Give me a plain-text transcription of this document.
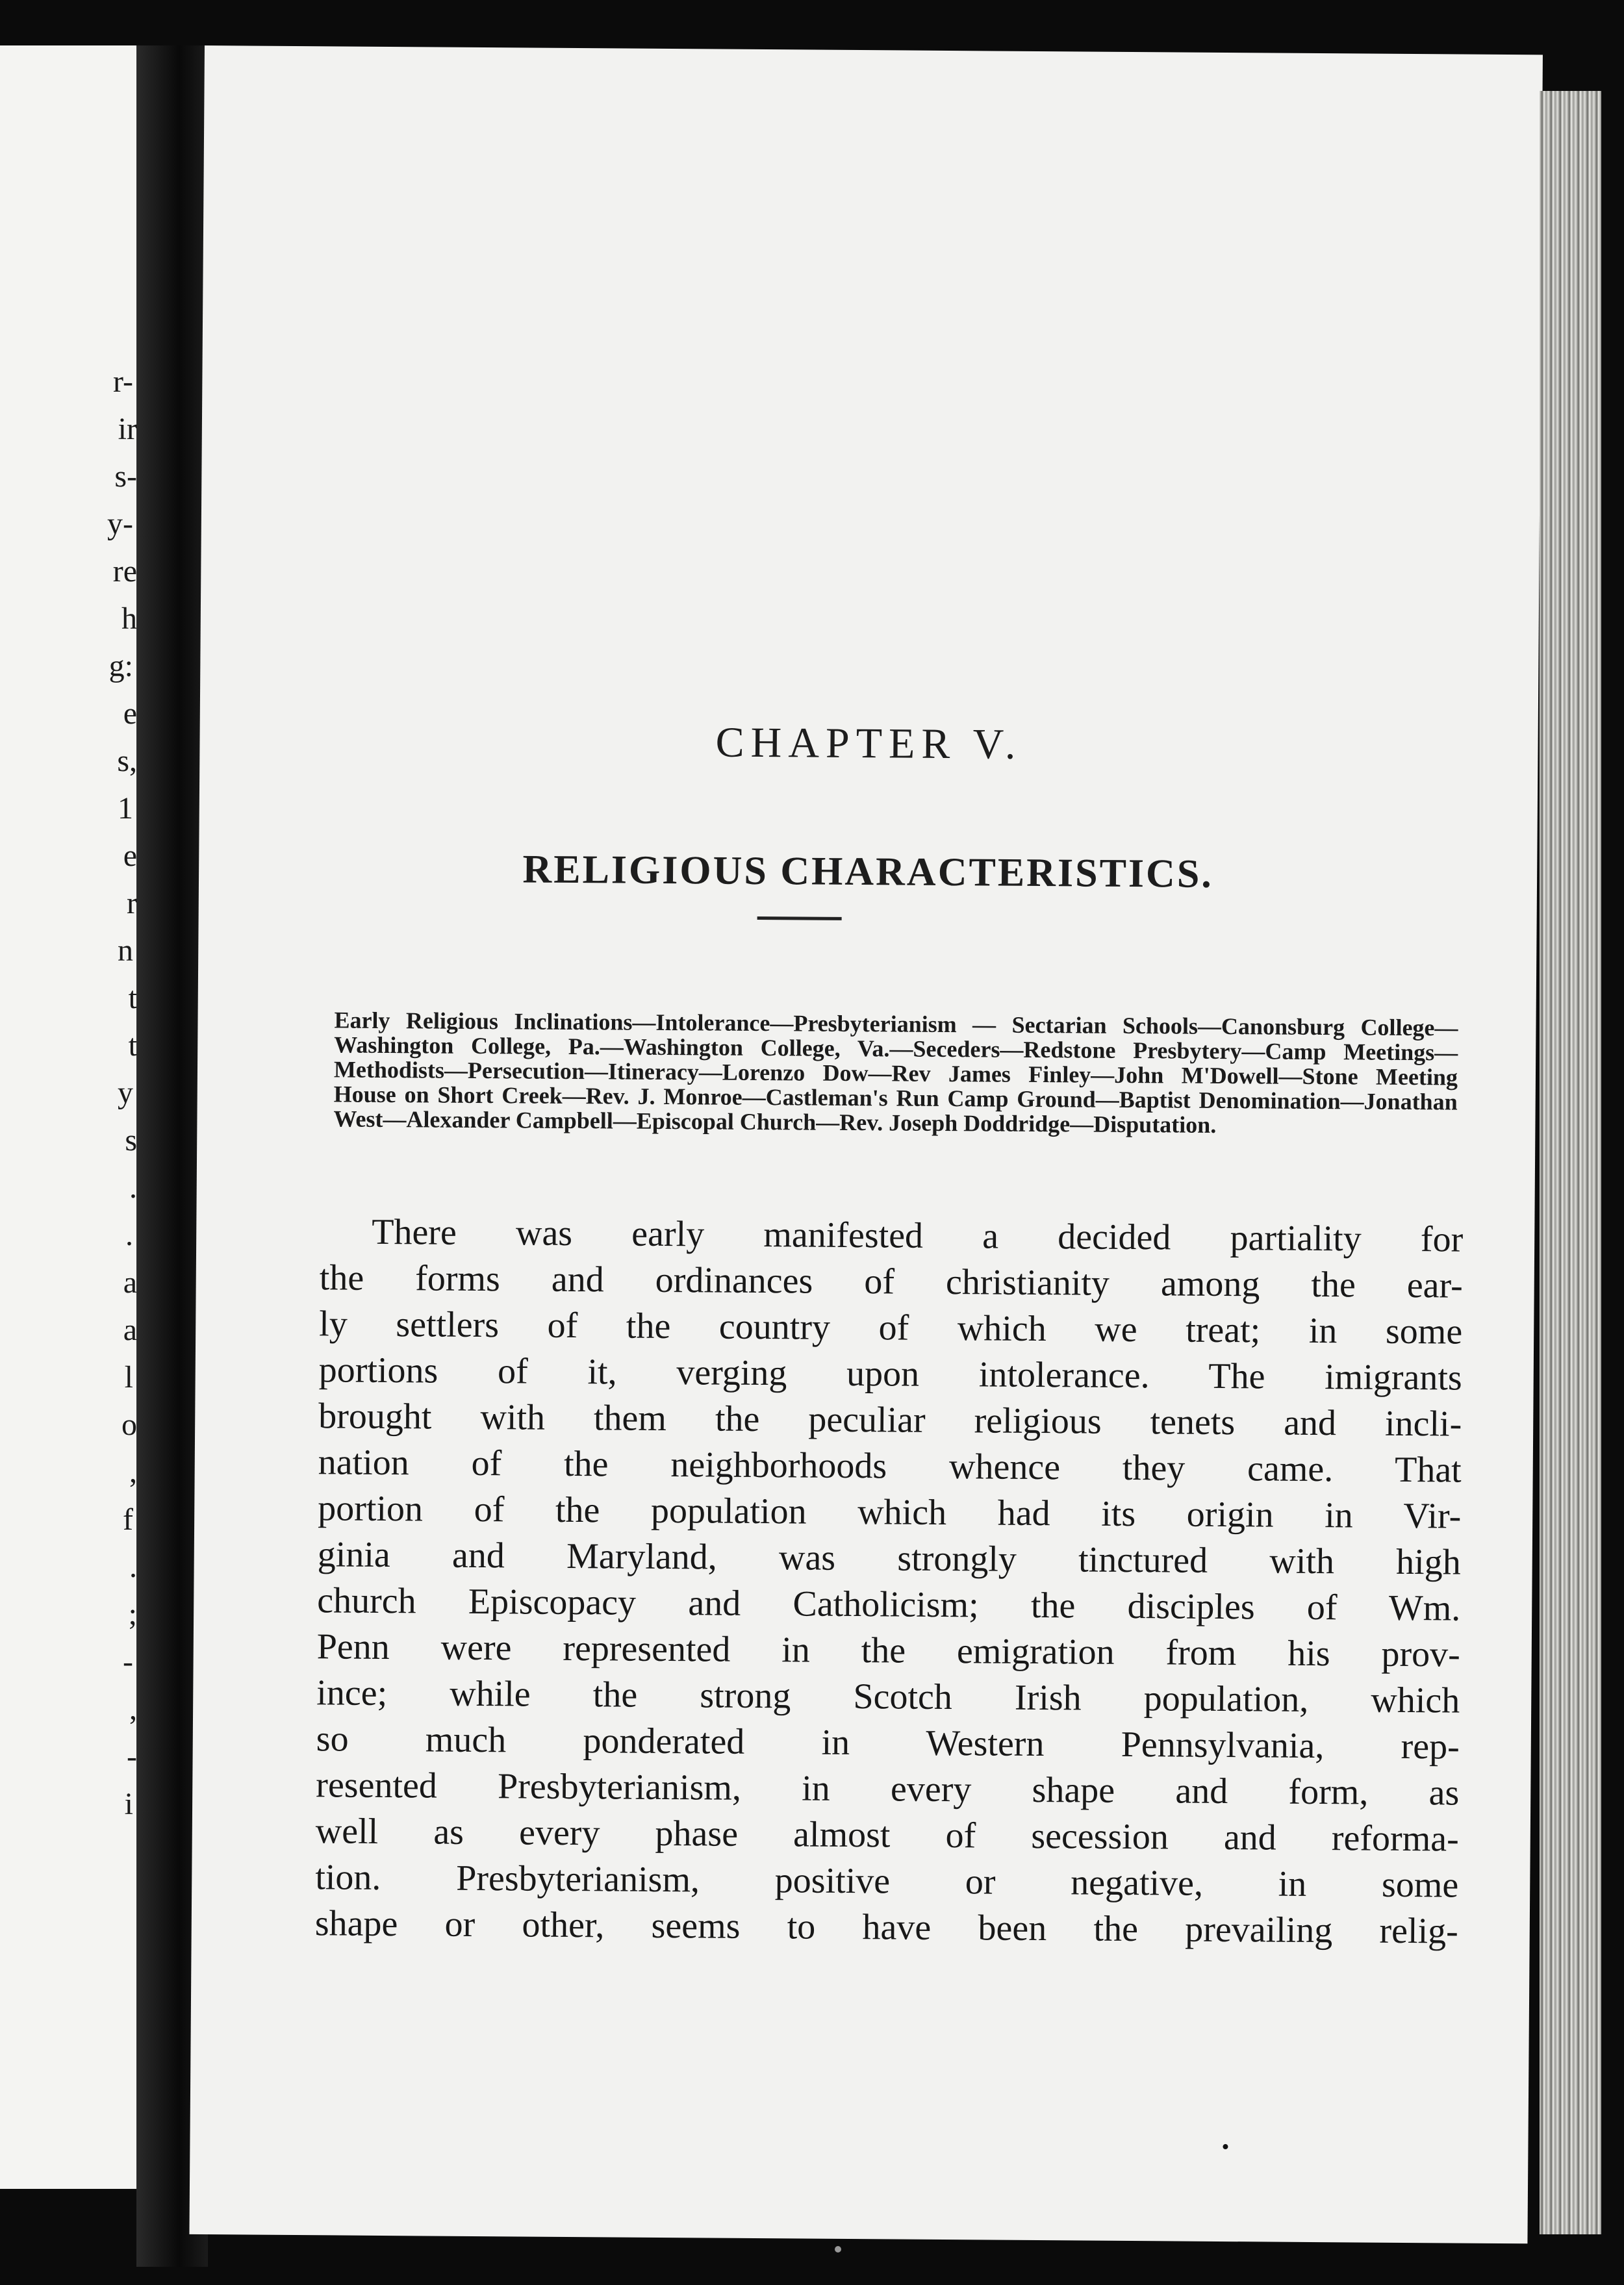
r-
ir
s-
y-
re
h
g:
e
s,
1
e
r
n
t
t
y
s
.
.
a
a
l
o
,
f
.
;
-
,
-
i

CHAPTER V.
RELIGIOUS CHARACTERISTICS.
Early Religious Inclinations—Intolerance—Presbyterianism — Sectarian Schools—Canonsburg College—Washington College, Pa.—Washington College, Va.—Seceders—Redstone Presbytery—Camp Meetings—Methodists—Persecution—Itineracy—Lorenzo Dow—Rev James Finley—John M'Dowell—Stone Meeting House on Short Creek—Rev. J. Monroe—Castleman's Run Camp Ground—Baptist Denomination—Jonathan West—Alexander Campbell—Episcopal Church—Rev. Joseph Doddridge—Disputation.
There was early manifested a decided partiality for
the forms and ordinances of christianity among the ear-
ly settlers of the country of which we treat; in some
portions of it, verging upon intolerance. The imigrants
brought with them the peculiar religious tenets and incli-
nation of the neighborhoods whence they came. That
portion of the population which had its origin in Vir-
ginia and Maryland, was strongly tinctured with high
church Episcopacy and Catholicism; the disciples of Wm.
Penn were represented in the emigration from his prov-
ince; while the strong Scotch Irish population, which
so much ponderated in Western Pennsylvania, rep-
resented Presbyterianism, in every shape and form, as
well as every phase almost of secession and reforma-
tion. Presbyterianism, positive or negative, in some
shape or other, seems to have been the prevailing relig-
